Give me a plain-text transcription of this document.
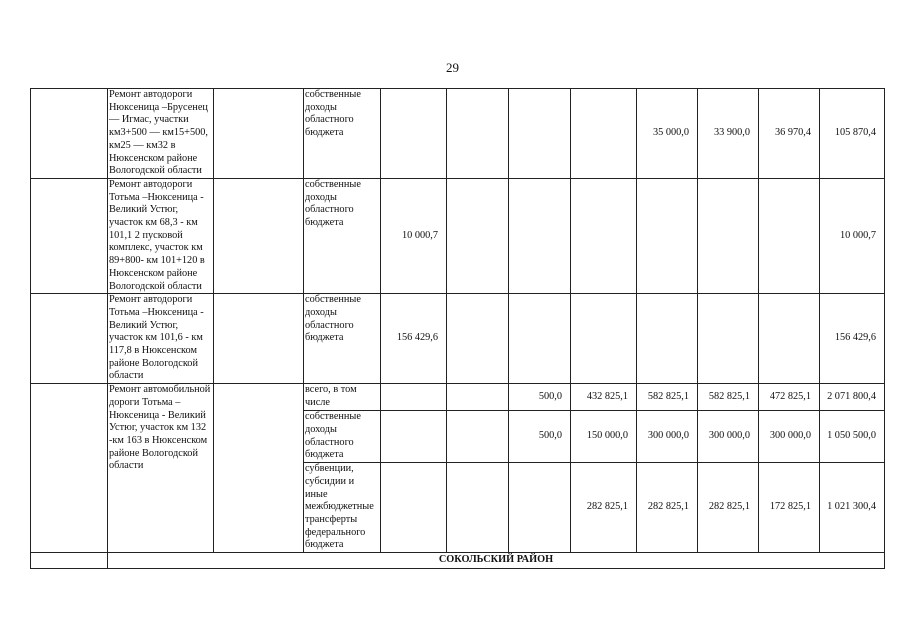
29
	Ремонт автодороги Нюксеница –Брусенец — Игмас, участки км3+500 — км15+500, км25 — км32 в Нюксенском районе Вологодской области		собственные доходы областного бюджета					35 000,0	33 900,0	36 970,4	105 870,4
	Ремонт автодороги Тотьма –Нюксеница - Великий Устюг, участок км 68,3 - км 101,1 2 пусковой комплекс, участок км 89+800- км 101+120 в Нюксенском районе Вологодской области		собственные доходы областного бюджета	10 000,7							10 000,7
	Ремонт автодороги Тотьма –Нюксеница - Великий Устюг, участок км 101,6 - км 117,8 в Нюксенском районе Вологодской области		собственные доходы областного бюджета	156 429,6							156 429,6
	Ремонт автомобильной дороги Тотьма – Нюксеница - Великий Устюг, участок км 132 -км 163 в Нюксенском районе Вологодской области		всего, в том числе			500,0	432 825,1	582 825,1	582 825,1	472 825,1	2 071 800,4
			собственные доходы областного бюджета			500,0	150 000,0	300 000,0	300 000,0	300 000,0	1 050 500,0
			субвенции, субсидии и иные межбюджетные трансферты федерального бюджета				282 825,1	282 825,1	282 825,1	172 825,1	1 021 300,4
	СОКОЛЬСКИЙ РАЙОН										
